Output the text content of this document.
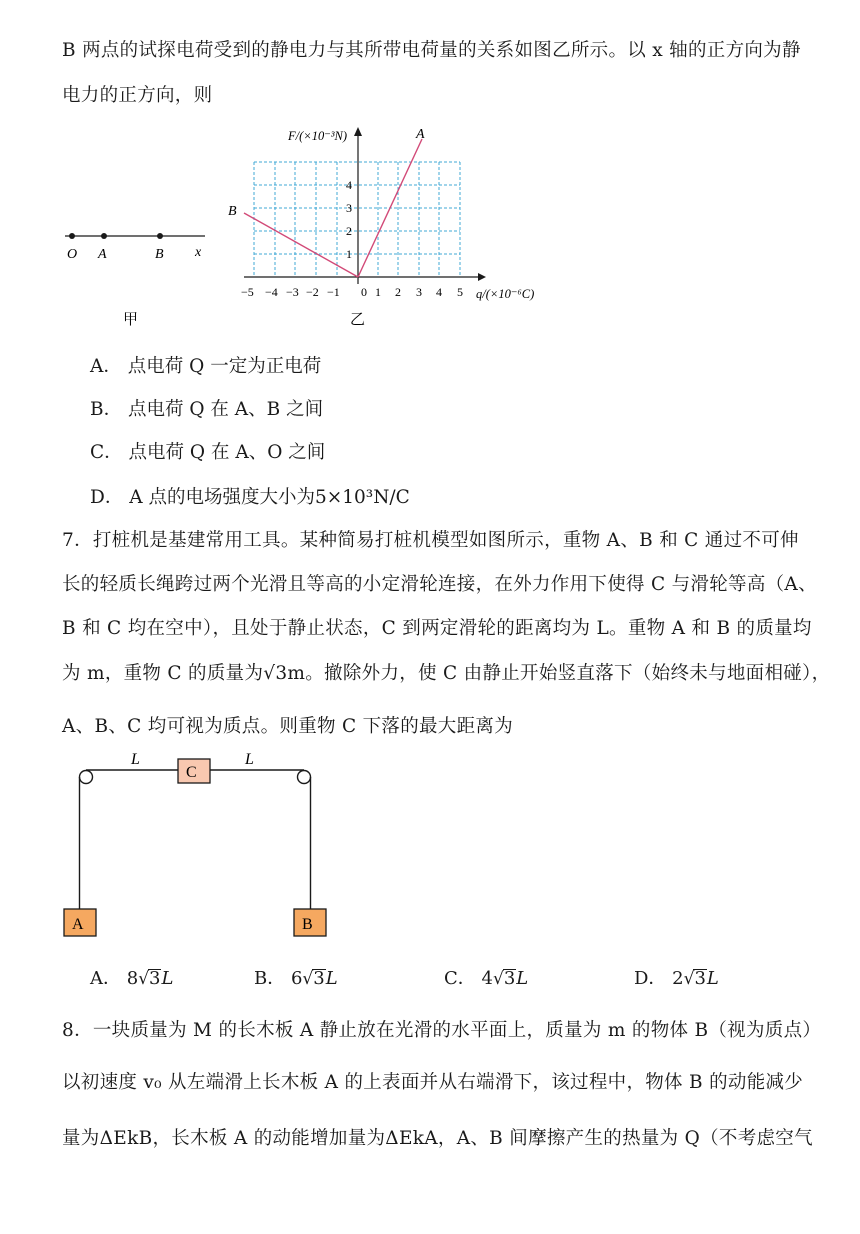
B 两点的试探电荷受到的静电力与其所带电荷量的关系如图乙所示。以 x 轴的正方向为静
电力的正方向，则
O A	B x
甲
F/(×10⁻³N)
q/(×10⁻⁶C)
A
B
1
2
3
4
−5 −4 −3 −2 −1 0 1 2 3 4 5
乙
A． 点电荷 Q 一定为正电荷
B． 点电荷 Q 在 A、B 之间
C． 点电荷 Q 在 A、O 之间
D． A 点的电场强度大小为5×10³N/C
7．打桩机是基建常用工具。某种简易打桩机模型如图所示，重物 A、B 和 C 通过不可伸
长的轻质长绳跨过两个光滑且等高的小定滑轮连接，在外力作用下使得 C 与滑轮等高（A、
B 和 C 均在空中），且处于静止状态，C 到两定滑轮的距离均为 L。重物 A 和 B 的质量均
为 m，重物 C 的质量为√3m。撤除外力，使 C 由静止开始竖直落下（始终未与地面相碰），
A、B、C 均可视为质点。则重物 C 下落的最大距离为
C
A	B
L	L
A． 8√3L	B． 6√3L	C． 4√3L	D． 2√3L
8．一块质量为 M 的长木板 A 静止放在光滑的水平面上，质量为 m 的物体 B（视为质点）
以初速度 v₀ 从左端滑上长木板 A 的上表面并从右端滑下，该过程中，物体 B 的动能减少
量为ΔEkB，长木板 A 的动能增加量为ΔEkA，A、B 间摩擦产生的热量为 Q（不考虑空气
